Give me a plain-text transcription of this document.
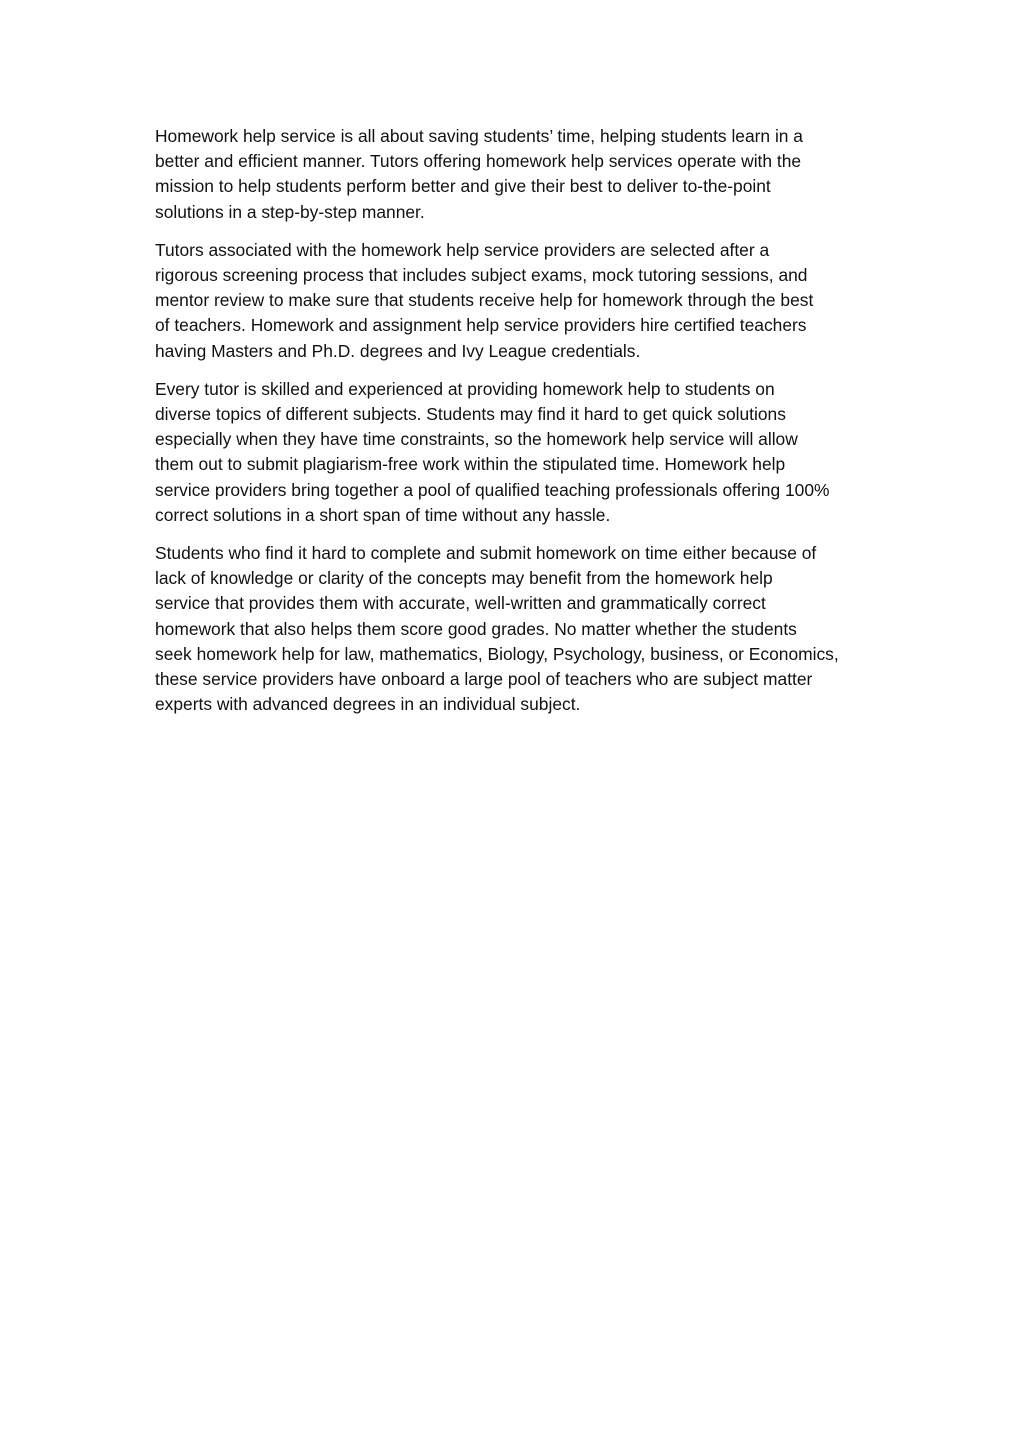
Homework help service is all about saving students’ time, helping students learn in a
better and efficient manner. Tutors offering homework help services operate with the
mission to help students perform better and give their best to deliver to-the-point
solutions in a step-by-step manner.

Tutors associated with the homework help service providers are selected after a
rigorous screening process that includes subject exams, mock tutoring sessions, and
mentor review to make sure that students receive help for homework through the best
of teachers. Homework and assignment help service providers hire certified teachers
having Masters and Ph.D. degrees and Ivy League credentials.

Every tutor is skilled and experienced at providing homework help to students on
diverse topics of different subjects. Students may find it hard to get quick solutions
especially when they have time constraints, so the homework help service will allow
them out to submit plagiarism-free work within the stipulated time. Homework help
service providers bring together a pool of qualified teaching professionals offering 100%
correct solutions in a short span of time without any hassle.

Students who find it hard to complete and submit homework on time either because of
lack of knowledge or clarity of the concepts may benefit from the homework help
service that provides them with accurate, well-written and grammatically correct
homework that also helps them score good grades. No matter whether the students
seek homework help for law, mathematics, Biology, Psychology, business, or Economics,
these service providers have onboard a large pool of teachers who are subject matter
experts with advanced degrees in an individual subject.
